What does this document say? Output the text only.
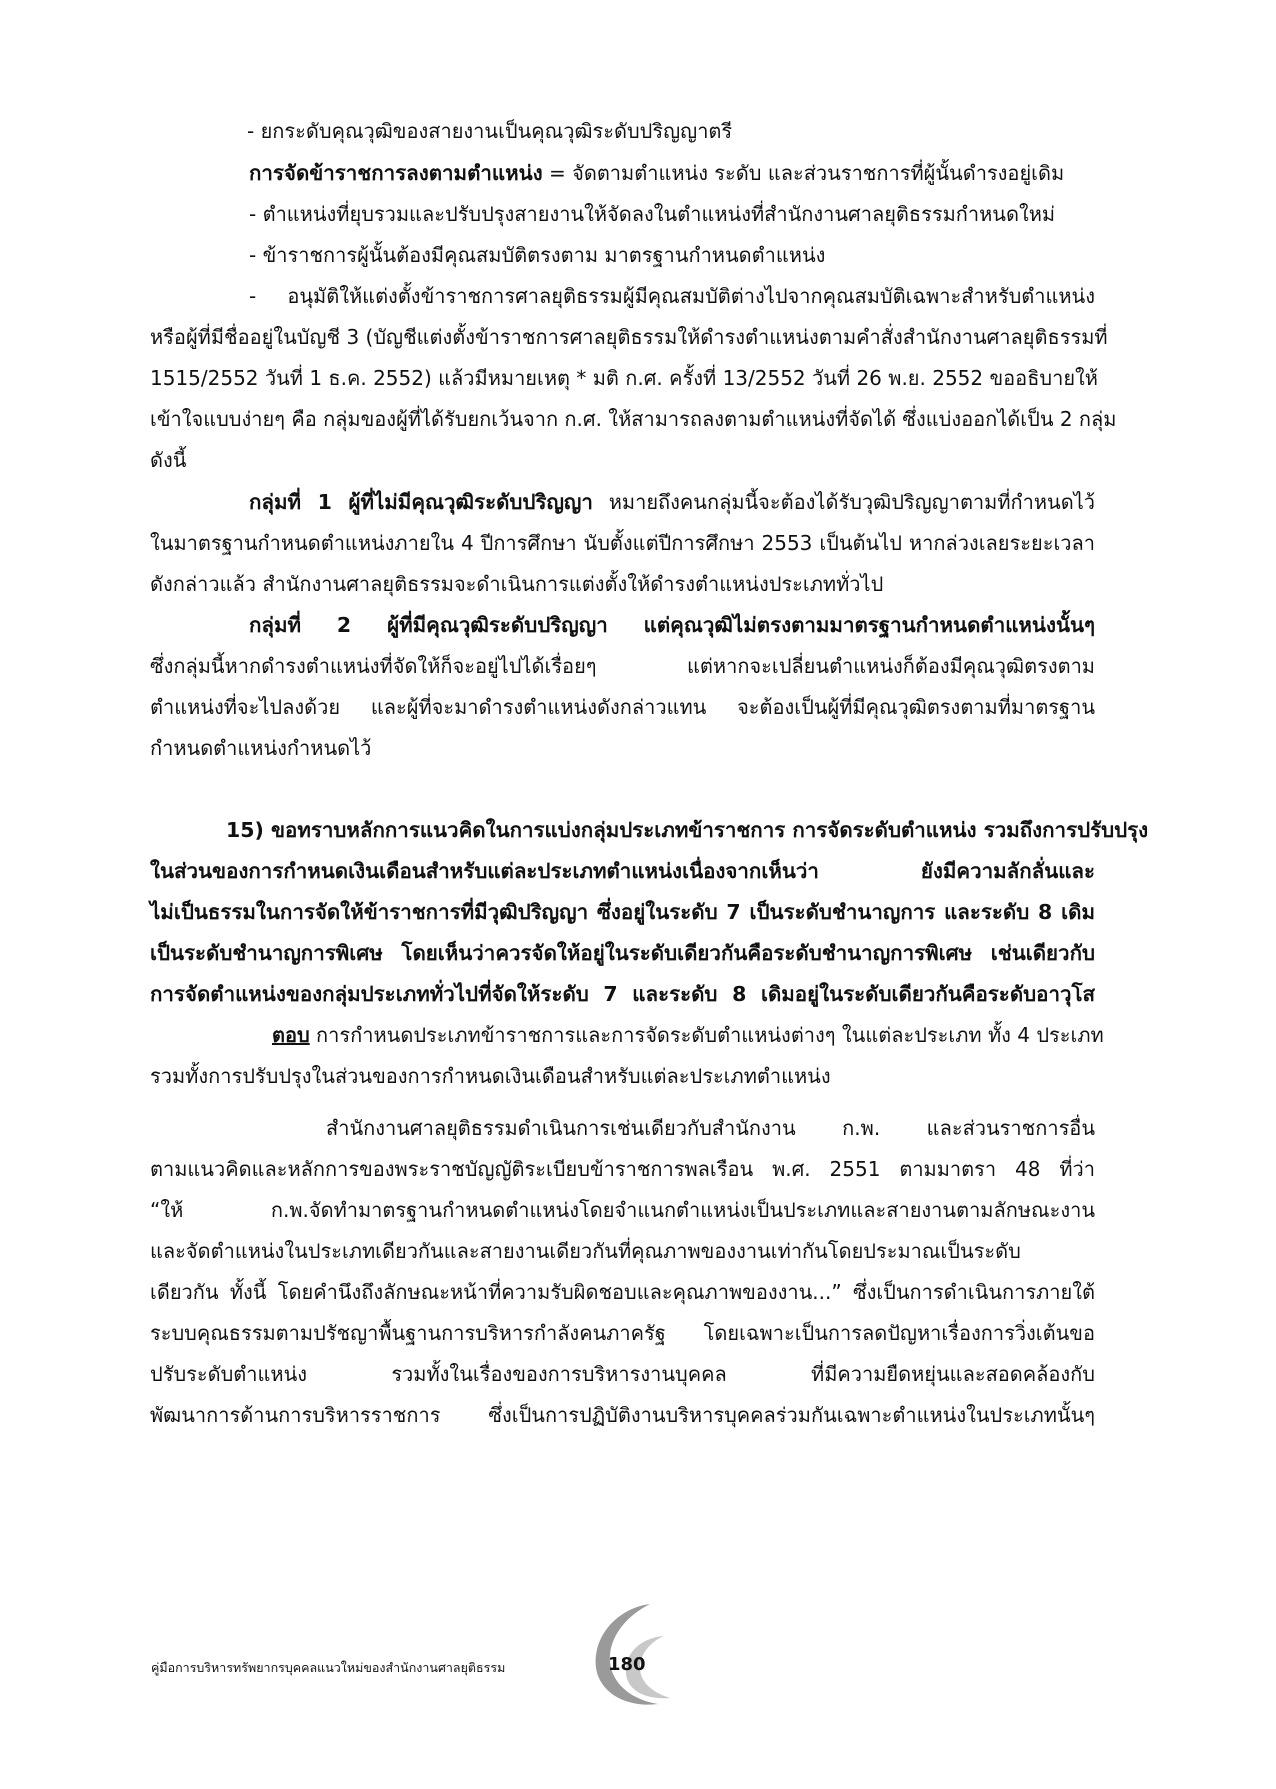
- ยกระดับคุณวุฒิของสายงานเป็นคุณวุฒิระดับปริญญาตรี
การจัดข้าราชการลงตามตำแหน่ง = จัดตามตำแหน่ง ระดับ และส่วนราชการที่ผู้นั้นดำรงอยู่เดิม
- ตำแหน่งที่ยุบรวมและปรับปรุงสายงานให้จัดลงในตำแหน่งที่สำนักงานศาลยุติธรรมกำหนดใหม่
- ข้าราชการผู้นั้นต้องมีคุณสมบัติตรงตาม มาตรฐานกำหนดตำแหน่ง
- อนุมัติให้แต่งตั้งข้าราชการศาลยุติธรรมผู้มีคุณสมบัติต่างไปจากคุณสมบัติเฉพาะสำหรับตำแหน่ง
หรือผู้ที่มีชื่ออยู่ในบัญชี 3 (บัญชีแต่งตั้งข้าราชการศาลยุติธรรมให้ดำรงตำแหน่งตามคำสั่งสำนักงานศาลยุติธรรมที่
1515/2552 วันที่ 1 ธ.ค. 2552) แล้วมีหมายเหตุ * มติ ก.ศ. ครั้งที่ 13/2552 วันที่ 26 พ.ย. 2552 ขออธิบายให้
เข้าใจแบบง่ายๆ คือ กลุ่มของผู้ที่ได้รับยกเว้นจาก ก.ศ. ให้สามารถลงตามตำแหน่งที่จัดได้ ซึ่งแบ่งออกได้เป็น 2 กลุ่ม
ดังนี้
กลุ่มที่ 1 ผู้ที่ไม่มีคุณวุฒิระดับปริญญา หมายถึงคนกลุ่มนี้จะต้องได้รับวุฒิปริญญาตามที่กำหนดไว้
ในมาตรฐานกำหนดตำแหน่งภายใน 4 ปีการศึกษา นับตั้งแต่ปีการศึกษา 2553 เป็นต้นไป หากล่วงเลยระยะเวลา
ดังกล่าวแล้ว สำนักงานศาลยุติธรรมจะดำเนินการแต่งตั้งให้ดำรงตำแหน่งประเภททั่วไป
กลุ่มที่ 2 ผู้ที่มีคุณวุฒิระดับปริญญา แต่คุณวุฒิไม่ตรงตามมาตรฐานกำหนดตำแหน่งนั้นๆ
ซึ่งกลุ่มนี้หากดำรงตำแหน่งที่จัดให้ก็จะอยู่ไปได้เรื่อยๆ แต่หากจะเปลี่ยนตำแหน่งก็ต้องมีคุณวุฒิตรงตาม
ตำแหน่งที่จะไปลงด้วย และผู้ที่จะมาดำรงตำแหน่งดังกล่าวแทน จะต้องเป็นผู้ที่มีคุณวุฒิตรงตามที่มาตรฐาน
กำหนดตำแหน่งกำหนดไว้
15) ขอทราบหลักการแนวคิดในการแบ่งกลุ่มประเภทข้าราชการ การจัดระดับตำแหน่ง รวมถึงการปรับปรุง
ในส่วนของการกำหนดเงินเดือนสำหรับแต่ละประเภทตำแหน่งเนื่องจากเห็นว่า ยังมีความลักลั่นและ
ไม่เป็นธรรมในการจัดให้ข้าราชการที่มีวุฒิปริญญา ซึ่งอยู่ในระดับ 7 เป็นระดับชำนาญการ และระดับ 8 เดิม
เป็นระดับชำนาญการพิเศษ โดยเห็นว่าควรจัดให้อยู่ในระดับเดียวกันคือระดับชำนาญการพิเศษ เช่นเดียวกับ
การจัดตำแหน่งของกลุ่มประเภททั่วไปที่จัดให้ระดับ 7 และระดับ 8 เดิมอยู่ในระดับเดียวกันคือระดับอาวุโส
ตอบ การกำหนดประเภทข้าราชการและการจัดระดับตำแหน่งต่างๆ ในแต่ละประเภท ทั้ง 4 ประเภท
รวมทั้งการปรับปรุงในส่วนของการกำหนดเงินเดือนสำหรับแต่ละประเภทตำแหน่ง
สำนักงานศาลยุติธรรมดำเนินการเช่นเดียวกับสำนักงาน ก.พ. และส่วนราชการอื่น
ตามแนวคิดและหลักการของพระราชบัญญัติระเบียบข้าราชการพลเรือน พ.ศ. 2551 ตามมาตรา 48 ที่ว่า
“ให้ ก.พ.จัดทำมาตรฐานกำหนดตำแหน่งโดยจำแนกตำแหน่งเป็นประเภทและสายงานตามลักษณะงาน
และจัดตำแหน่งในประเภทเดียวกันและสายงานเดียวกันที่คุณภาพของงานเท่ากันโดยประมาณเป็นระดับ
เดียวกัน ทั้งนี้ โดยคำนึงถึงลักษณะหน้าที่ความรับผิดชอบและคุณภาพของงาน...” ซึ่งเป็นการดำเนินการภายใต้
ระบบคุณธรรมตามปรัชญาพื้นฐานการบริหารกำลังคนภาครัฐ โดยเฉพาะเป็นการลดปัญหาเรื่องการวิ่งเต้นขอ
ปรับระดับตำแหน่ง รวมทั้งในเรื่องของการบริหารงานบุคคล ที่มีความยืดหยุ่นและสอดคล้องกับ
พัฒนาการด้านการบริหารราชการ ซึ่งเป็นการปฏิบัติงานบริหารบุคคลร่วมกันเฉพาะตำแหน่งในประเภทนั้นๆ
คู่มือการบริหารทรัพยากรบุคคลแนวใหม่ของสำนักงานศาลยุติธรรม	180
